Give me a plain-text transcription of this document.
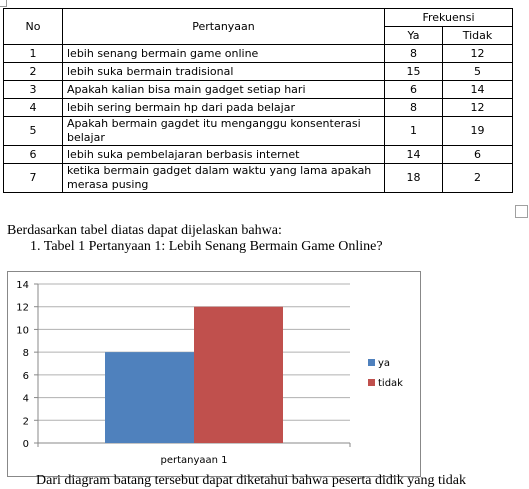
No	Pertanyaan	Frekuensi	
		Ya	Tidak
1	lebih senang bermain game online	8	12
2	lebih suka bermain tradisional	15	5
3	Apakah kalian bisa main gadget setiap hari	6	14
4	lebih sering bermain hp dari pada belajar	8	12
5	Apakah bermain gagdet itu menganggu konsenterasi
belajar	1	19
6	lebih suka pembelajaran berbasis internet	14	6
7	ketika bermain gadget dalam waktu yang lama apakah
merasa pusing	18	2
Berdasarkan tabel diatas dapat dijelaskan bahwa:
1. Tabel 1 Pertanyaan 1: Lebih Senang Bermain Game Online?
0
2
4
6
8
10
12
14
pertanyaan 1
ya
tidak
Dari diagram batang tersebut dapat diketahui bahwa peserta didik yang tidak
